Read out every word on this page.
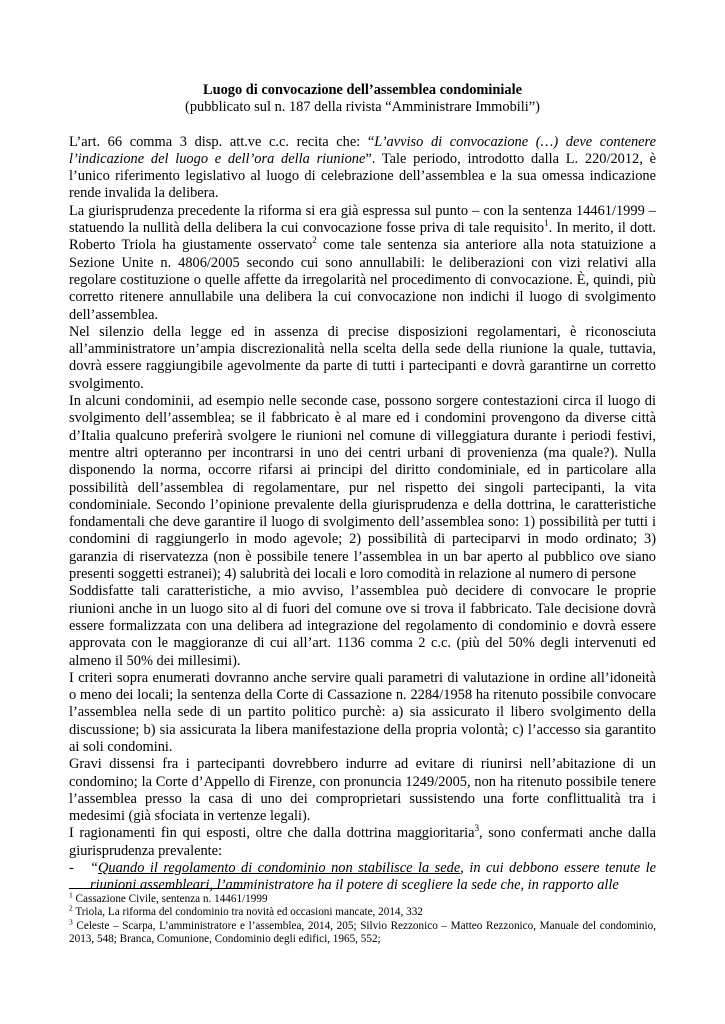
Luogo di convocazione dell’assemblea condominiale

(pubblicato sul n. 187 della rivista “Amministrare Immobili”)

L’art. 66 comma 3 disp. att.ve c.c. recita che: “L’avviso di convocazione (…) deve contenere l’indicazione del luogo e dell’ora della riunione”. Tale periodo, introdotto dalla L. 220/2012, è l’unico riferimento legislativo al luogo di celebrazione dell’assemblea e la sua omessa indicazione rende invalida la delibera.

La giurisprudenza precedente la riforma si era già espressa sul punto – con la sentenza 14461/1999 – statuendo la nullità della delibera la cui convocazione fosse priva di tale requisito$^1$. In merito, il dott. Roberto Triola ha giustamente osservato$^2$ come tale sentenza sia anteriore alla nota statuizione a Sezione Unite n. 4806/2005 secondo cui sono annullabili: le deliberazioni con vizi relativi alla regolare costituzione o quelle affette da irregolarità nel procedimento di convocazione. È, quindi, più corretto ritenere annullabile una delibera la cui convocazione non indichi il luogo di svolgimento dell’assemblea.

Nel silenzio della legge ed in assenza di precise disposizioni regolamentari, è riconosciuta all’amministratore un’ampia discrezionalità nella scelta della sede della riunione la quale, tuttavia, dovrà essere raggiungibile agevolmente da parte di tutti i partecipanti e dovrà garantirne un corretto svolgimento.

In alcuni condominii, ad esempio nelle seconde case, possono sorgere contestazioni circa il luogo di svolgimento dell’assemblea; se il fabbricato è al mare ed i condomini provengono da diverse città d’Italia qualcuno preferirà svolgere le riunioni nel comune di villeggiatura durante i periodi festivi, mentre altri opteranno per incontrarsi in uno dei centri urbani di provenienza (ma quale?). Nulla disponendo la norma, occorre rifarsi ai principi del diritto condominiale, ed in particolare alla possibilità dell’assemblea di regolamentare, pur nel rispetto dei singoli partecipanti, la vita condominiale. Secondo l’opinione prevalente della giurisprudenza e della dottrina, le caratteristiche fondamentali che deve garantire il luogo di svolgimento dell’assemblea sono: 1) possibilità per tutti i condomini di raggiungerlo in modo agevole; 2) possibilità di parteciparvi in modo ordinato; 3) garanzia di riservatezza (non è possibile tenere l’assemblea in un bar aperto al pubblico ove siano presenti soggetti estranei); 4) salubrità dei locali e loro comodità in relazione al numero di persone

Soddisfatte tali caratteristiche, a mio avviso, l’assemblea può decidere di convocare le proprie riunioni anche in un luogo sito al di fuori del comune ove si trova il fabbricato. Tale decisione dovrà essere formalizzata con una delibera ad integrazione del regolamento di condominio e dovrà essere approvata con le maggioranze di cui all’art. 1136 comma 2 c.c. (più del 50% degli intervenuti ed almeno il 50% dei millesimi).

I criteri sopra enumerati dovranno anche servire quali parametri di valutazione in ordine all’idoneità o meno dei locali; la sentenza della Corte di Cassazione n. 2284/1958 ha ritenuto possibile convocare l’assemblea nella sede di un partito politico purchè: a) sia assicurato il libero svolgimento della discussione; b) sia assicurata la libera manifestazione della propria volontà; c) l’accesso sia garantito ai soli condomini.

Gravi dissensi fra i partecipanti dovrebbero indurre ad evitare di riunirsi nell’abitazione di un condomino; la Corte d’Appello di Firenze, con pronuncia 1249/2005, non ha ritenuto possibile tenere l’assemblea presso la casa di uno dei comproprietari sussistendo una forte conflittualità tra i medesimi (già sfociata in vertenze legali).

I ragionamenti fin qui esposti, oltre che dalla dottrina maggioritaria$^3$, sono confermati anche dalla giurisprudenza prevalente:

-	“Quando il regolamento di condominio non stabilisce la sede, in cui debbono essere tenute le riunioni assembleari, l’amministratore ha il potere di scegliere la sede che, in rapporto alle

$^1$ Cassazione Civile, sentenza n. 14461/1999

$^2$ Triola, La riforma del condominio tra novità ed occasioni mancate, 2014, 332

$^3$ Celeste – Scarpa, L’amministratore e l’assemblea, 2014, 205; Silvio Rezzonico – Matteo Rezzonico, Manuale del condominio, 2013, 548; Branca, Comunione, Condominio degli edifici, 1965, 552;
